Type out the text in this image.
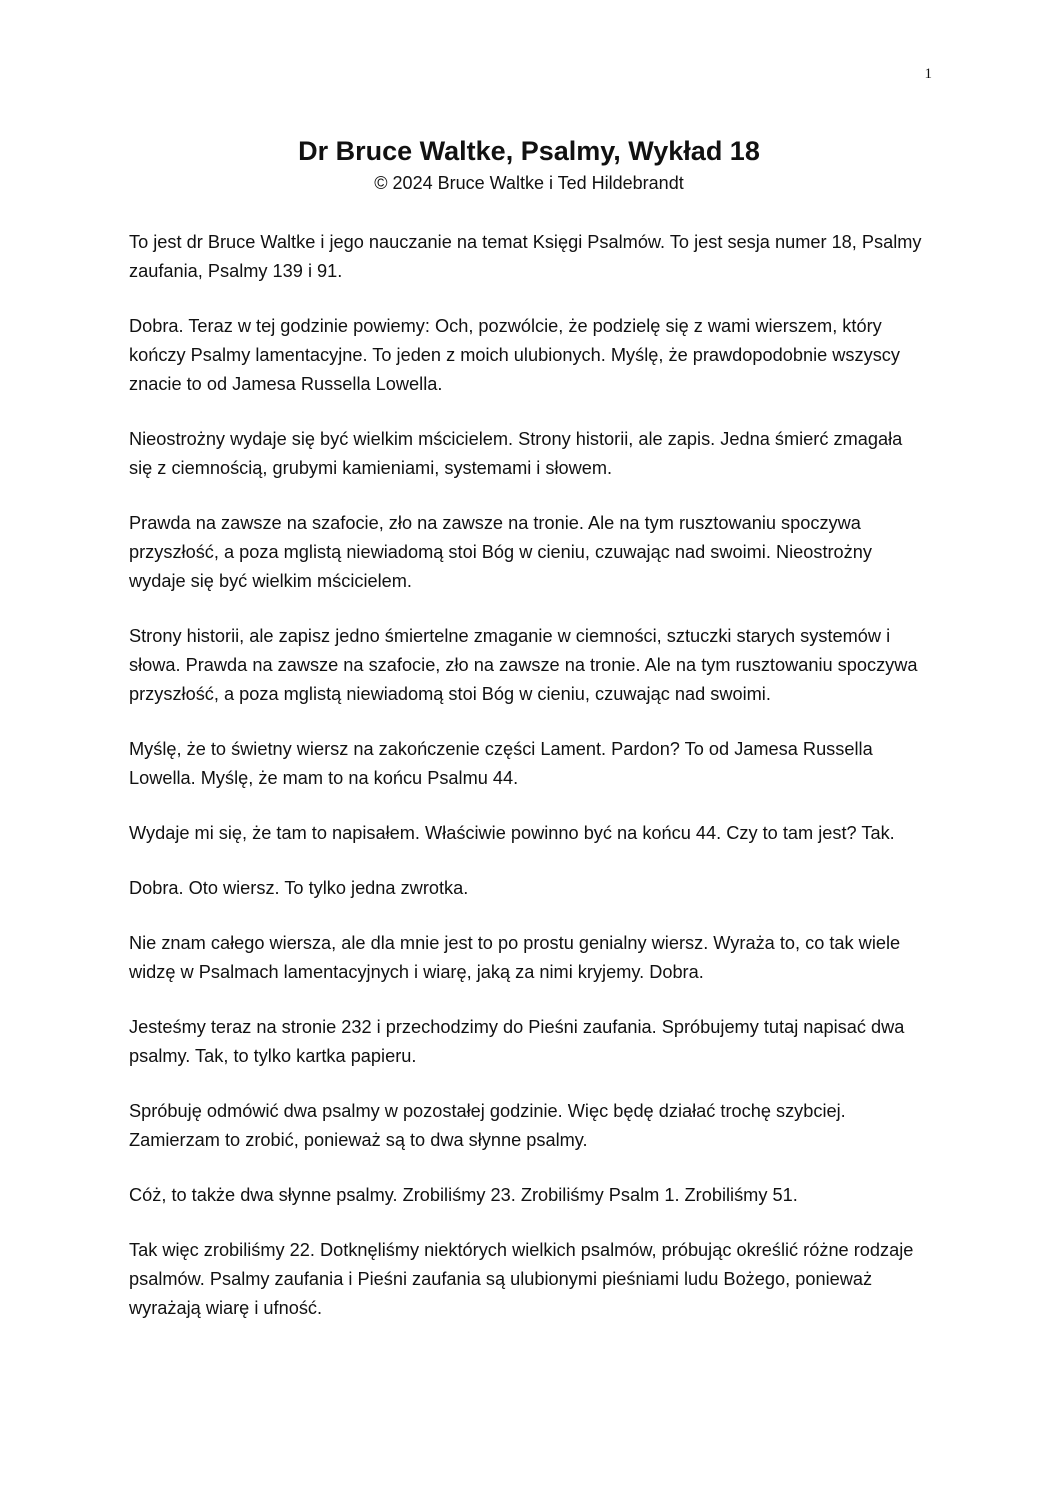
1
Dr Bruce Waltke, Psalmy, Wykład 18
© 2024 Bruce Waltke i Ted Hildebrandt

To jest dr Bruce Waltke i jego nauczanie na temat Księgi Psalmów. To jest sesja numer 18, Psalmy zaufania, Psalmy 139 i 91.

Dobra. Teraz w tej godzinie powiemy: Och, pozwólcie, że podzielę się z wami wierszem, który kończy Psalmy lamentacyjne. To jeden z moich ulubionych. Myślę, że prawdopodobnie wszyscy znacie to od Jamesa Russella Lowella.

Nieostrożny wydaje się być wielkim mścicielem. Strony historii, ale zapis. Jedna śmierć zmagała się z ciemnością, grubymi kamieniami, systemami i słowem.

Prawda na zawsze na szafocie, zło na zawsze na tronie. Ale na tym rusztowaniu spoczywa przyszłość, a poza mglistą niewiadomą stoi Bóg w cieniu, czuwając nad swoimi. Nieostrożny wydaje się być wielkim mścicielem.

Strony historii, ale zapisz jedno śmiertelne zmaganie w ciemności, sztuczki starych systemów i słowa. Prawda na zawsze na szafocie, zło na zawsze na tronie. Ale na tym rusztowaniu spoczywa przyszłość, a poza mglistą niewiadomą stoi Bóg w cieniu, czuwając nad swoimi.

Myślę, że to świetny wiersz na zakończenie części Lament. Pardon? To od Jamesa Russella Lowella. Myślę, że mam to na końcu Psalmu 44.

Wydaje mi się, że tam to napisałem. Właściwie powinno być na końcu 44. Czy to tam jest? Tak.

Dobra. Oto wiersz. To tylko jedna zwrotka.

Nie znam całego wiersza, ale dla mnie jest to po prostu genialny wiersz. Wyraża to, co tak wiele widzę w Psalmach lamentacyjnych i wiarę, jaką za nimi kryjemy. Dobra.

Jesteśmy teraz na stronie 232 i przechodzimy do Pieśni zaufania. Spróbujemy tutaj napisać dwa psalmy. Tak, to tylko kartka papieru.

Spróbuję odmówić dwa psalmy w pozostałej godzinie. Więc będę działać trochę szybciej. Zamierzam to zrobić, ponieważ są to dwa słynne psalmy.

Cóż, to także dwa słynne psalmy. Zrobiliśmy 23. Zrobiliśmy Psalm 1. Zrobiliśmy 51.

Tak więc zrobiliśmy 22. Dotknęliśmy niektórych wielkich psalmów, próbując określić różne rodzaje psalmów. Psalmy zaufania i Pieśni zaufania są ulubionymi pieśniami ludu Bożego, ponieważ wyrażają wiarę i ufność.
